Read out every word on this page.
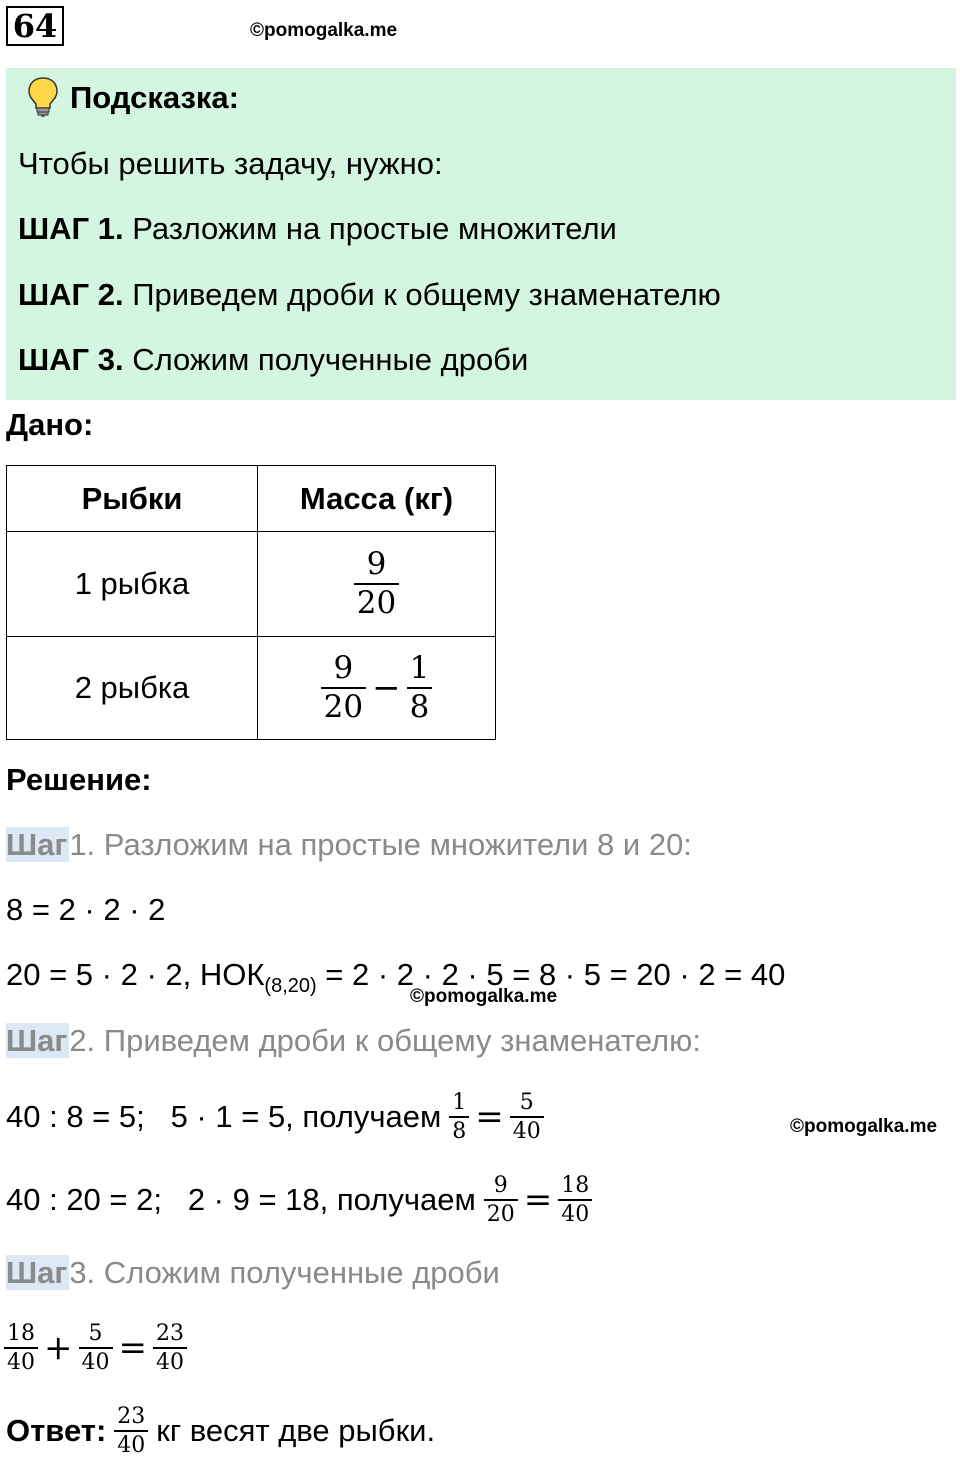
64	©pomogalka.me
Подсказка:
Чтобы решить задачу, нужно:
ШАГ 1. Разложим на простые множители
ШАГ 2. Приведем дроби к общему знаменателю
ШАГ 3. Сложим полученные дроби
Дано:
Рыбки	Масса (кг)
1 рыбка	$\frac{9}{20}$

2 рыбка	$\frac{9}{20} - \frac{1}{8}$
Решение:
Шаг1. Разложим на простые множители 8 и 20:
8 = 2 · 2 · 2
20 = 5 · 2 · 2, $НОК_{(8,20)} = 2 \cdot 2 \cdot 2 \cdot 5 = 8 \cdot 5 = 20 \cdot 2 = 40$
©pomogalka.me
Шаг2. Приведем дроби к общему знаменателю:
40 : 8 = 5;   5 · 1 = 5, получаем $\frac{1}{8} = \frac{5}{40}$	©pomogalka.me
40 : 20 = 2;   2 · 9 = 18, получаем $\frac{9}{20} = \frac{18}{40}$
Шаг3. Сложим полученные дроби
$\frac{18}{40} + \frac{5}{40} = \frac{23}{40}$
Ответ: $\frac{23}{40}$ кг весят две рыбки.
